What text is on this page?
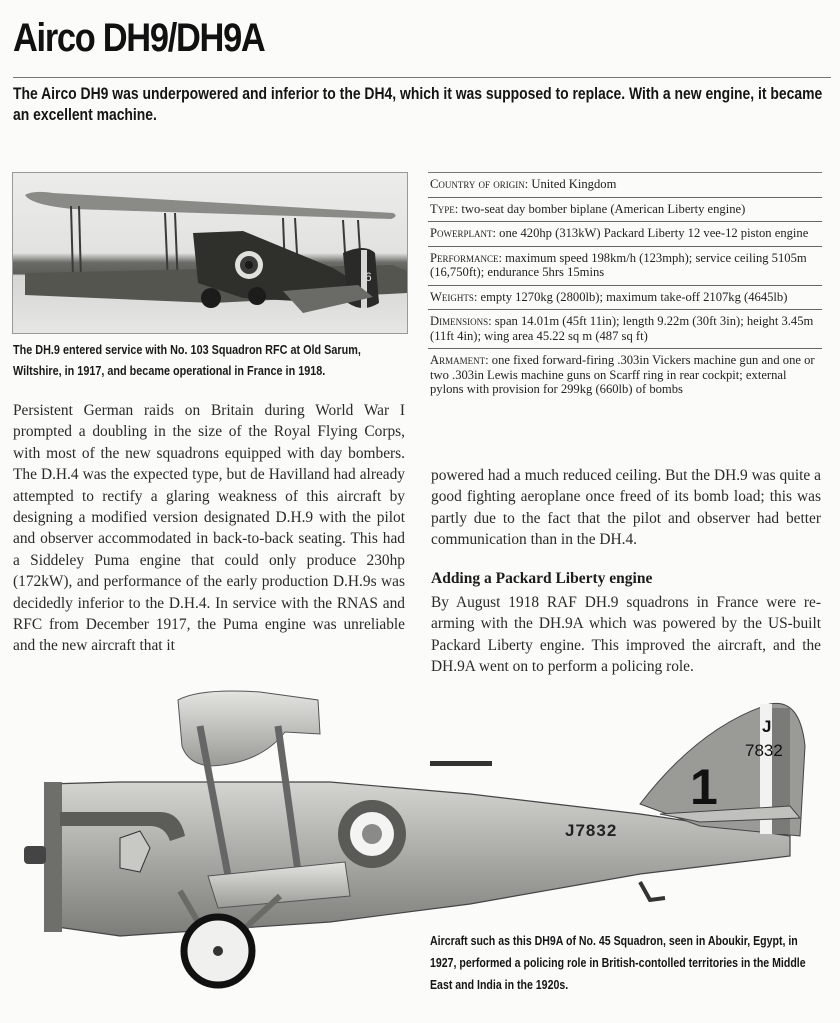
Airco DH9/DH9A

The Airco DH9 was underpowered and inferior to the DH4, which it was supposed to replace. With a new engine, it became an excellent machine.

6

The DH.9 entered service with No. 103 Squadron RFC at Old Sarum, Wiltshire, in 1917, and became operational in France in 1918.

Country of origin: United Kingdom
Type: two-seat day bomber biplane (American Liberty engine)
Powerplant: one 420hp (313kW) Packard Liberty 12 vee-12 piston engine
Performance: maximum speed 198km/h (123mph); service ceiling 5105m (16,750ft); endurance 5hrs 15mins
Weights: empty 1270kg (2800lb); maximum take-off 2107kg (4645lb)
Dimensions: span 14.01m (45ft 11in); length 9.22m (30ft 3in); height 3.45m (11ft 4in); wing area 45.22 sq m (487 sq ft)
Armament: one fixed forward-firing .303in Vickers machine gun and one or two .303in Lewis machine guns on Scarff ring in rear cockpit; external pylons with provision for 299kg (660lb) of bombs

Persistent German raids on Britain during World War I prompted a doubling in the size of the Royal Flying Corps, with most of the new squadrons equipped with day bombers. The D.H.4 was the expected type, but de Havilland had already attempted to rectify a glaring weakness of this aircraft by designing a modified version designated D.H.9 with the pilot and observer accommodated in back-to-back seating. This had a Siddeley Puma engine that could only produce 230hp (172kW), and performance of the early production D.H.9s was decidedly inferior to the D.H.4. In service with the RNAS and RFC from December 1917, the Puma engine was unreliable and the new aircraft that it

powered had a much reduced ceiling. But the DH.9 was quite a good fighting aeroplane once freed of its bomb load; this was partly due to the fact that the pilot and observer had better communication than in the DH.4.

Adding a Packard Liberty engine

By August 1918 RAF DH.9 squadrons in France were re-arming with the DH.9A which was powered by the US-built Packard Liberty engine. This improved the aircraft, and the DH.9A went on to perform a policing role.

J7832
J
7832
1

Aircraft such as this DH9A of No. 45 Squadron, seen in Aboukir, Egypt, in 1927, performed a policing role in British-contolled territories in the Middle East and India in the 1920s.
